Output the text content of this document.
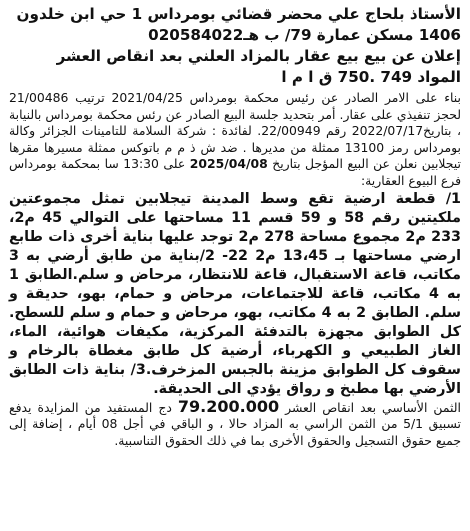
الأستاذ بلحاج علي محضر قضائي بومرداس 1 حي ابن خلدون
1406 مسكن عمارة 79/ ب هـ020584022
إعلان عن بيع بيع عقار بالمزاد العلني بعد انقاص العشر
المواد 749 .750 ق ا م ا
بناء على الامر الصادر عن رئيس محكمة بومرداس 2021/04/25 ترتيب 21/00486 لحجز تنفيذي على عقار. أمر بتحديد جلسة البيع الصادر عن رئس محكمة بومرداس بالنيابة ، بتاريخ2022/07/17 رقم 22/00949. لفائدة : شركة السلامة للتامينات الجزائر وكالة بومرداس رمز 13100 ممثلة من مديرها . ضد ش ذ م م باتوكس ممثلة مسيرها مقرها تيجلابين نعلن عن البيع المؤجل بتاريخ 2025/04/08 على 13:30 سا بمحكمة بومرداس فرع البيوع العقارية:
1/ قطعة ارضية تقع وسط المدينة تيجلابين تمثل مجموعتين ملكيتين رقم 58 و 59 قسم 11 مساحتها على التوالي 45 م2، 233 م2 مجموع مساحة 278 م2 توجد عليها بناية أخرى ذات طابع ارضي مساحتها بـ 13،45 م2 22- 2/بناية من طابق أرضي به 3 مكاتب، قاعة الاستقبال، قاعة للانتظار، مرحاض و سلم.الطابق 1 به 4 مكاتب، قاعة للاجتماعات، مرحاض و حمام، بهو، حديقة و سلم. الطابق 2 به 4 مكاتب، بهو، مرحاض و حمام و سلم للسطح. كل الطوابق مجهزة بالتدفئة المركزية، مكيفات هوائية، الماء، الغاز الطبيعي و الكهرباء، أرضية كل طابق مغطاة بالرخام و سقوف كل الطوابق مزينة بالجبس المزخرف.3/ بناية ذات الطابق الأرضي بها مطبخ و رواق يؤدي الى الحديقة.
الثمن الأساسي بعد انقاص العشر 79.200.000 دج المستفيد من المزايدة يدفع تسبيق 5/1 من الثمن الراسي به المزاد حالا ، و الباقي في أجل 08 أيام ، إضافة إلى جميع حقوق التسجيل والحقوق الأخرى بما في ذلك الحقوق التناسبية.
